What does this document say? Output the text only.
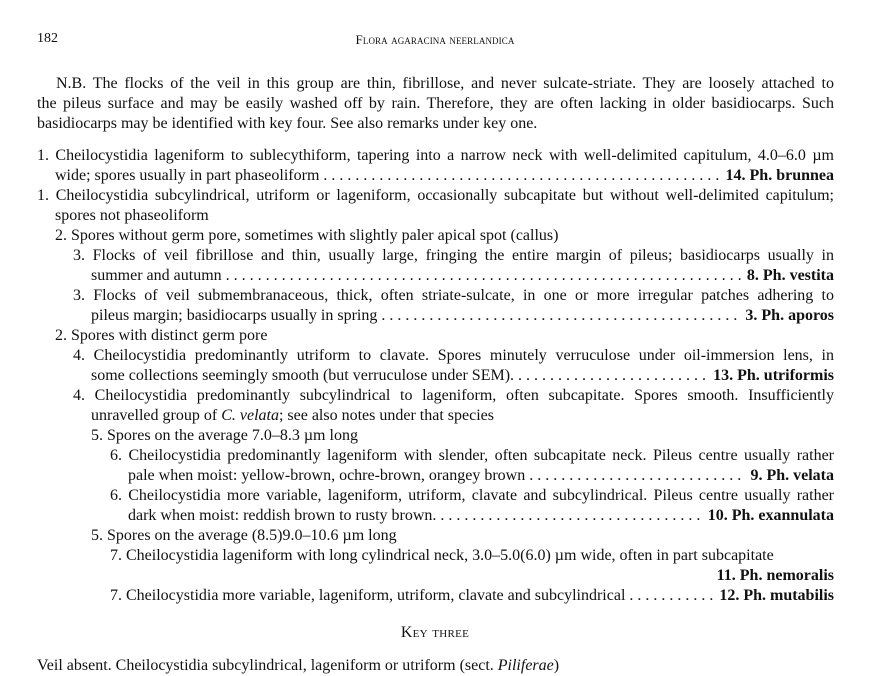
182	Flora agaracina neerlandica
N.B. The flocks of the veil in this group are thin, fibrillose, and never sulcate-striate. They are loosely attached to
the pileus surface and may be easily washed off by rain. Therefore, they are often lacking in older basidiocarps. Such
basidiocarps may be identified with key four. See also remarks under key one.
1. Cheilocystidia lageniform to sublecythiform, tapering into a narrow neck with well-delimited capitulum, 4.0–6.0 µm
wide; spores usually in part phaseoliform . . .	14. Ph. brunnea
1. Cheilocystidia subcylindrical, utriform or lageniform, occasionally subcapitate but without well-delimited capitulum;
spores not phaseoliform
2. Spores without germ pore, sometimes with slightly paler apical spot (callus)
3. Flocks of veil fibrillose and thin, usually large, fringing the entire margin of pileus; basidiocarps usually in
summer and autumn . . .	8. Ph. vestita
3. Flocks of veil submembranaceous, thick, often striate-sulcate, in one or more irregular patches adhering to
pileus margin; basidiocarps usually in spring . . .	3. Ph. aporos
2. Spores with distinct germ pore
4. Cheilocystidia predominantly utriform to clavate. Spores minutely verruculose under oil-immersion lens, in
some collections seemingly smooth (but verruculose under SEM). . . .	13. Ph. utriformis
4. Cheilocystidia predominantly subcylindrical to lageniform, often subcapitate. Spores smooth. Insufficiently
unravelled group of C. velata; see also notes under that species
5. Spores on the average 7.0–8.3 µm long
6. Cheilocystidia predominantly lageniform with slender, often subcapitate neck. Pileus centre usually rather
pale when moist: yellow-brown, ochre-brown, orangey brown . . .	9. Ph. velata
6. Cheilocystidia more variable, lageniform, utriform, clavate and subcylindrical. Pileus centre usually rather
dark when moist: reddish brown to rusty brown. . . .	10. Ph. exannulata
5. Spores on the average (8.5)9.0–10.6 µm long
7. Cheilocystidia lageniform with long cylindrical neck, 3.0–5.0(6.0) µm wide, often in part subcapitate
11. Ph. nemoralis
7. Cheilocystidia more variable, lageniform, utriform, clavate and subcylindrical . . .	12. Ph. mutabilis
Key three
Veil absent. Cheilocystidia subcylindrical, lageniform or utriform (sect. Piliferae)
